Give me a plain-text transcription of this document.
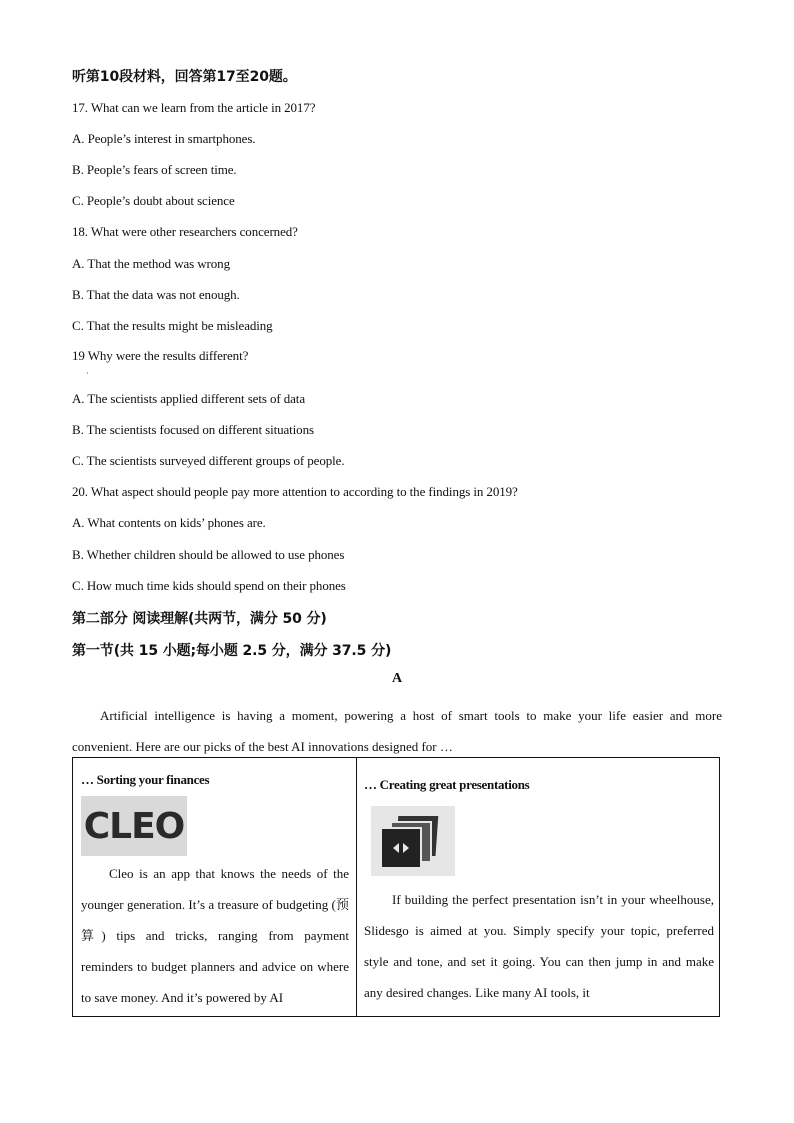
听第10段材料，回答第17至20题。
17. What can we learn from the article in 2017?
A. People’s interest in smartphones.
B. People’s fears of screen time.
C. People’s doubt about science
18. What were other researchers concerned?
A. That the method was wrong
B. That the data was not enough.
C. That the results might be misleading
19 Why were the results different?
·
A. The scientists applied different sets of data
B. The scientists focused on different situations
C. The scientists surveyed different groups of people.
20. What aspect should people pay more attention to according to the findings in 2019?
A. What contents on kids’ phones are.
B. Whether children should be allowed to use phones
C. How much time kids should spend on their phones
第二部分 阅读理解(共两节，满分 50 分)
第一节(共 15 小题;每小题 2.5 分，满分 37.5 分)
A
Artificial intelligence is having a moment, powering a host of smart tools to make your life easier and more convenient. Here are our picks of the best AI innovations designed for …
… Sorting your finances
CLEO
Cleo is an app that knows the needs of the younger generation. It’s a treasure of budgeting (预算) tips and tricks, ranging from payment reminders to budget planners and advice on where to save money. And it’s powered by AI
… Creating great presentations
If building the perfect presentation isn’t in your wheelhouse, Slidesgo is aimed at you. Simply specify your topic, preferred style and tone, and set it going. You can then jump in and make any desired changes. Like many AI tools, it
